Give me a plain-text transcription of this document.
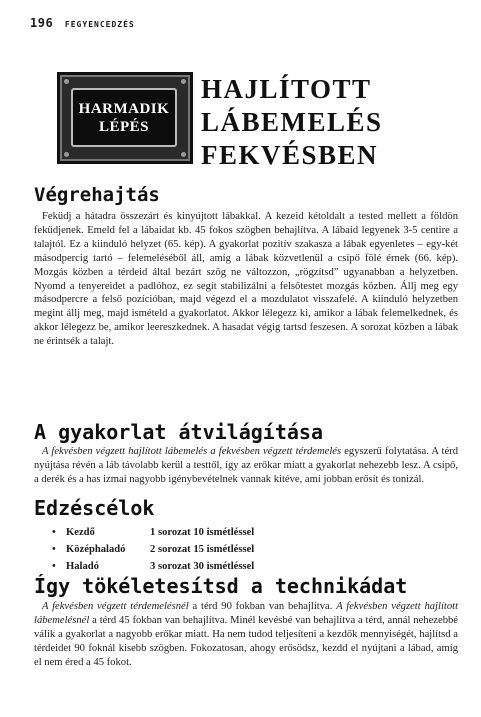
196 FEGYENCEDZÉS
HARMADIK
LÉPÉS
HAJLÍTOTT
LÁBEMELÉS
FEKVÉSBEN
Végrehajtás
Feküdj a hátadra összezárt és kinyújtott lábakkal. A kezeid kétoldalt a tested mellett a földön feküdjenek. Emeld fel a lábaidat kb. 45 fokos szögben behajlítva. A lábaid legyenek 3-5 centire a talajtól. Ez a kiinduló helyzet (65. kép). A gyakorlat pozitív szakasza a lábak egyenletes – egy-két másodpercig tartó – felemeléséből áll, amíg a lábak közvetlenül a csípő fölé érnek (66. kép). Mozgás közben a térdeid által bezárt szög ne változzon, „rögzítsd” ugyanabban a helyzetben. Nyomd a tenyereidet a padlóhoz, ez segít stabilizálni a felsőtestet mozgás közben. Állj meg egy másodpercre a felső pozícióban, majd végezd el a mozdulatot visszafelé. A kiinduló helyzetben megint állj meg, majd ismételd a gyakorlatot. Akkor lélegezz ki, amikor a lábak felemelkednek, és akkor lélegezz be, amikor leereszkednek. A hasadat végig tartsd feszesen. A sorozat közben a lábak ne érintsék a talajt.
A gyakorlat átvilágítása
A fekvésben végzett hajlított lábemelés a fekvésben végzett térdemelés egyszerű folytatása. A térd nyújtása révén a láb távolabb kerül a testtől, így az erőkar miatt a gyakorlat nehezebb lesz. A csípő, a derék és a has izmai nagyobb igénybevételnek vannak kitéve, ami jobban erősít és tonizál.
Edzéscélok
• Kezdő	1 sorozat 10 ismétléssel
• Középhaladó	2 sorozat 15 ismétléssel
• Haladó	3 sorozat 30 ismétléssel
Így tökéletesítsd a technikádat
A fekvésben végzett térdemelésnél a térd 90 fokban van behajlítva. A fekvésben végzett hajlított lábemelésnél a térd 45 fokban van behajlítva. Minél kevésbé van behajlítva a térd, annál nehezebbé válik a gyakorlat a nagyobb erőkar miatt. Ha nem tudod teljesíteni a kezdők mennyiségét, hajlítsd a térdeidet 90 foknál kisebb szögben. Fokozatosan, ahogy erősödsz, kezdd el nyújtani a lábad, amíg el nem éred a 45 fokot.
